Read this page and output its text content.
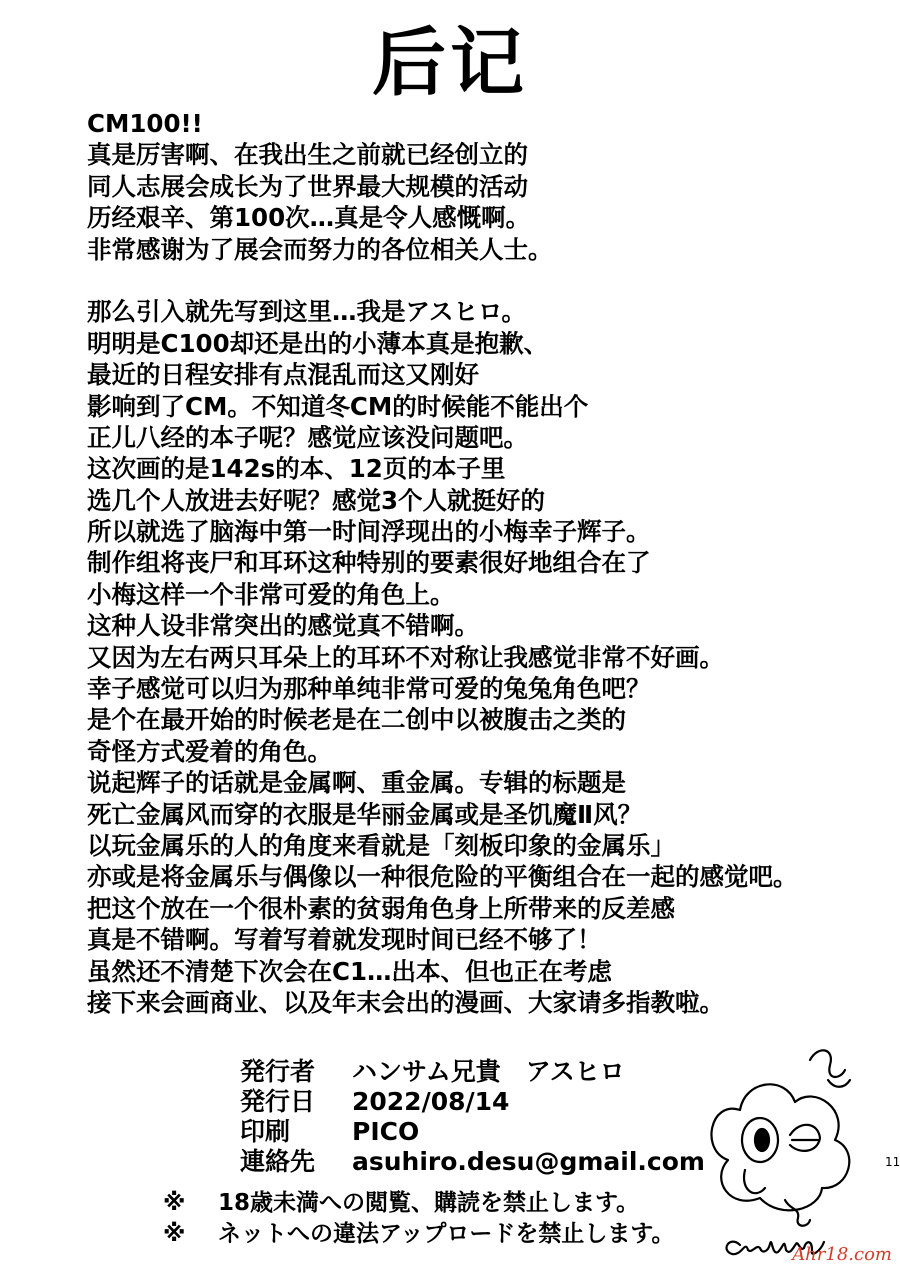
后记
CM100!!
真是厉害啊、在我出生之前就已经创立的
同人志展会成长为了世界最大规模的活动
历经艰辛、第100次…真是令人感慨啊。
非常感谢为了展会而努力的各位相关人士。
那么引入就先写到这里…我是アスヒロ。
明明是C100却还是出的小薄本真是抱歉、
最近的日程安排有点混乱而这又刚好
影响到了CM。不知道冬CM的时候能不能出个
正儿八经的本子呢？感觉应该没问题吧。
这次画的是142s的本、12页的本子里
选几个人放进去好呢？感觉3个人就挺好的
所以就选了脑海中第一时间浮现出的小梅幸子辉子。
制作组将丧尸和耳环这种特别的要素很好地组合在了
小梅这样一个非常可爱的角色上。
这种人设非常突出的感觉真不错啊。
又因为左右两只耳朵上的耳环不对称让我感觉非常不好画。
幸子感觉可以归为那种单纯非常可爱的兔兔角色吧？
是个在最开始的时候老是在二创中以被腹击之类的
奇怪方式爱着的角色。
说起辉子的话就是金属啊、重金属。专辑的标题是
死亡金属风而穿的衣服是华丽金属或是圣饥魔Ⅱ风？
以玩金属乐的人的角度来看就是「刻板印象的金属乐」
亦或是将金属乐与偶像以一种很危险的平衡组合在一起的感觉吧。
把这个放在一个很朴素的贫弱角色身上所带来的反差感
真是不错啊。写着写着就发现时间已经不够了！
虽然还不清楚下次会在C1…出本、但也正在考虑
接下来会画商业、以及年末会出的漫画、大家请多指教啦。
発行者	ハンサム兄貴　アスヒロ
発行日	2022/08/14
印刷	PICO
連絡先	asuhiro.desu@gmail.com
※	18歳未満への閲覧、購読を禁止します。
※	ネットへの違法アップロードを禁止します。
11
Ahr18.com
